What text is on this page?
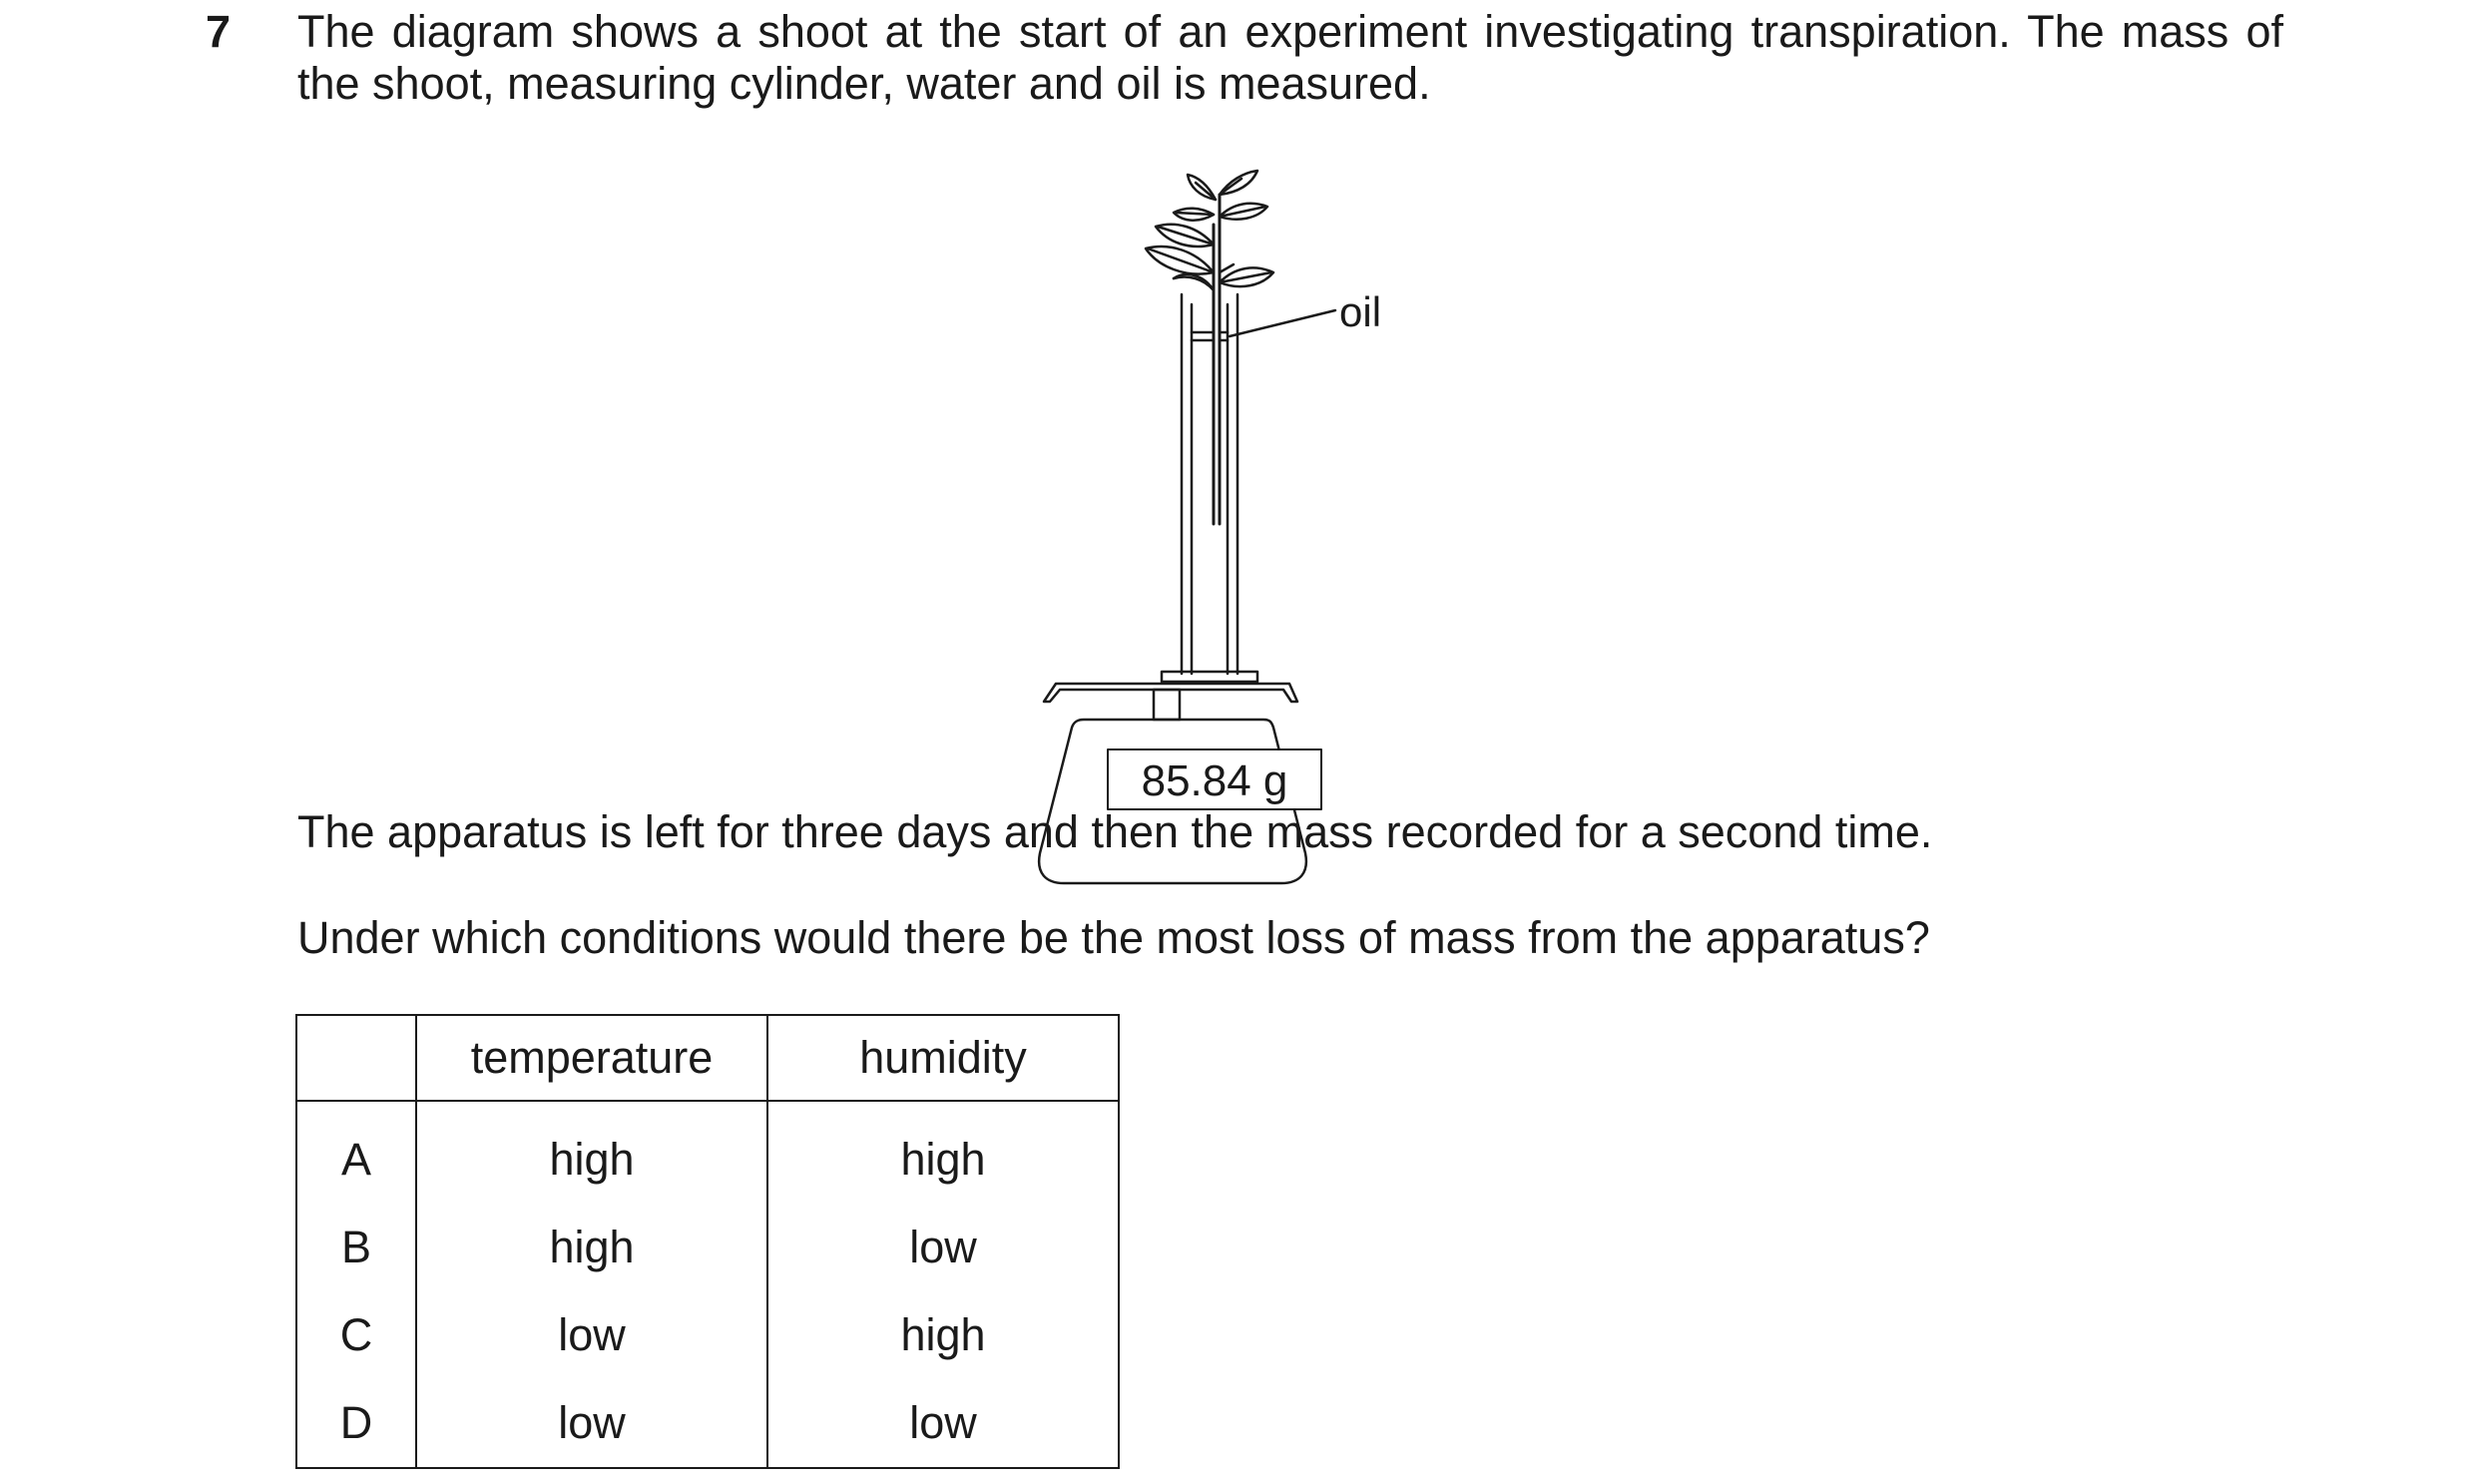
7 The diagram shows a shoot at the start of an experiment investigating transpiration. The mass of the shoot, measuring cylinder, water and oil is measured.
oil
85.84 g
The apparatus is left for three days and then the mass recorded for a second time.
Under which conditions would there be the most loss of mass from the apparatus?
	temperature	humidity
A	high	high
B	high	low
C	low	high
D	low	low
